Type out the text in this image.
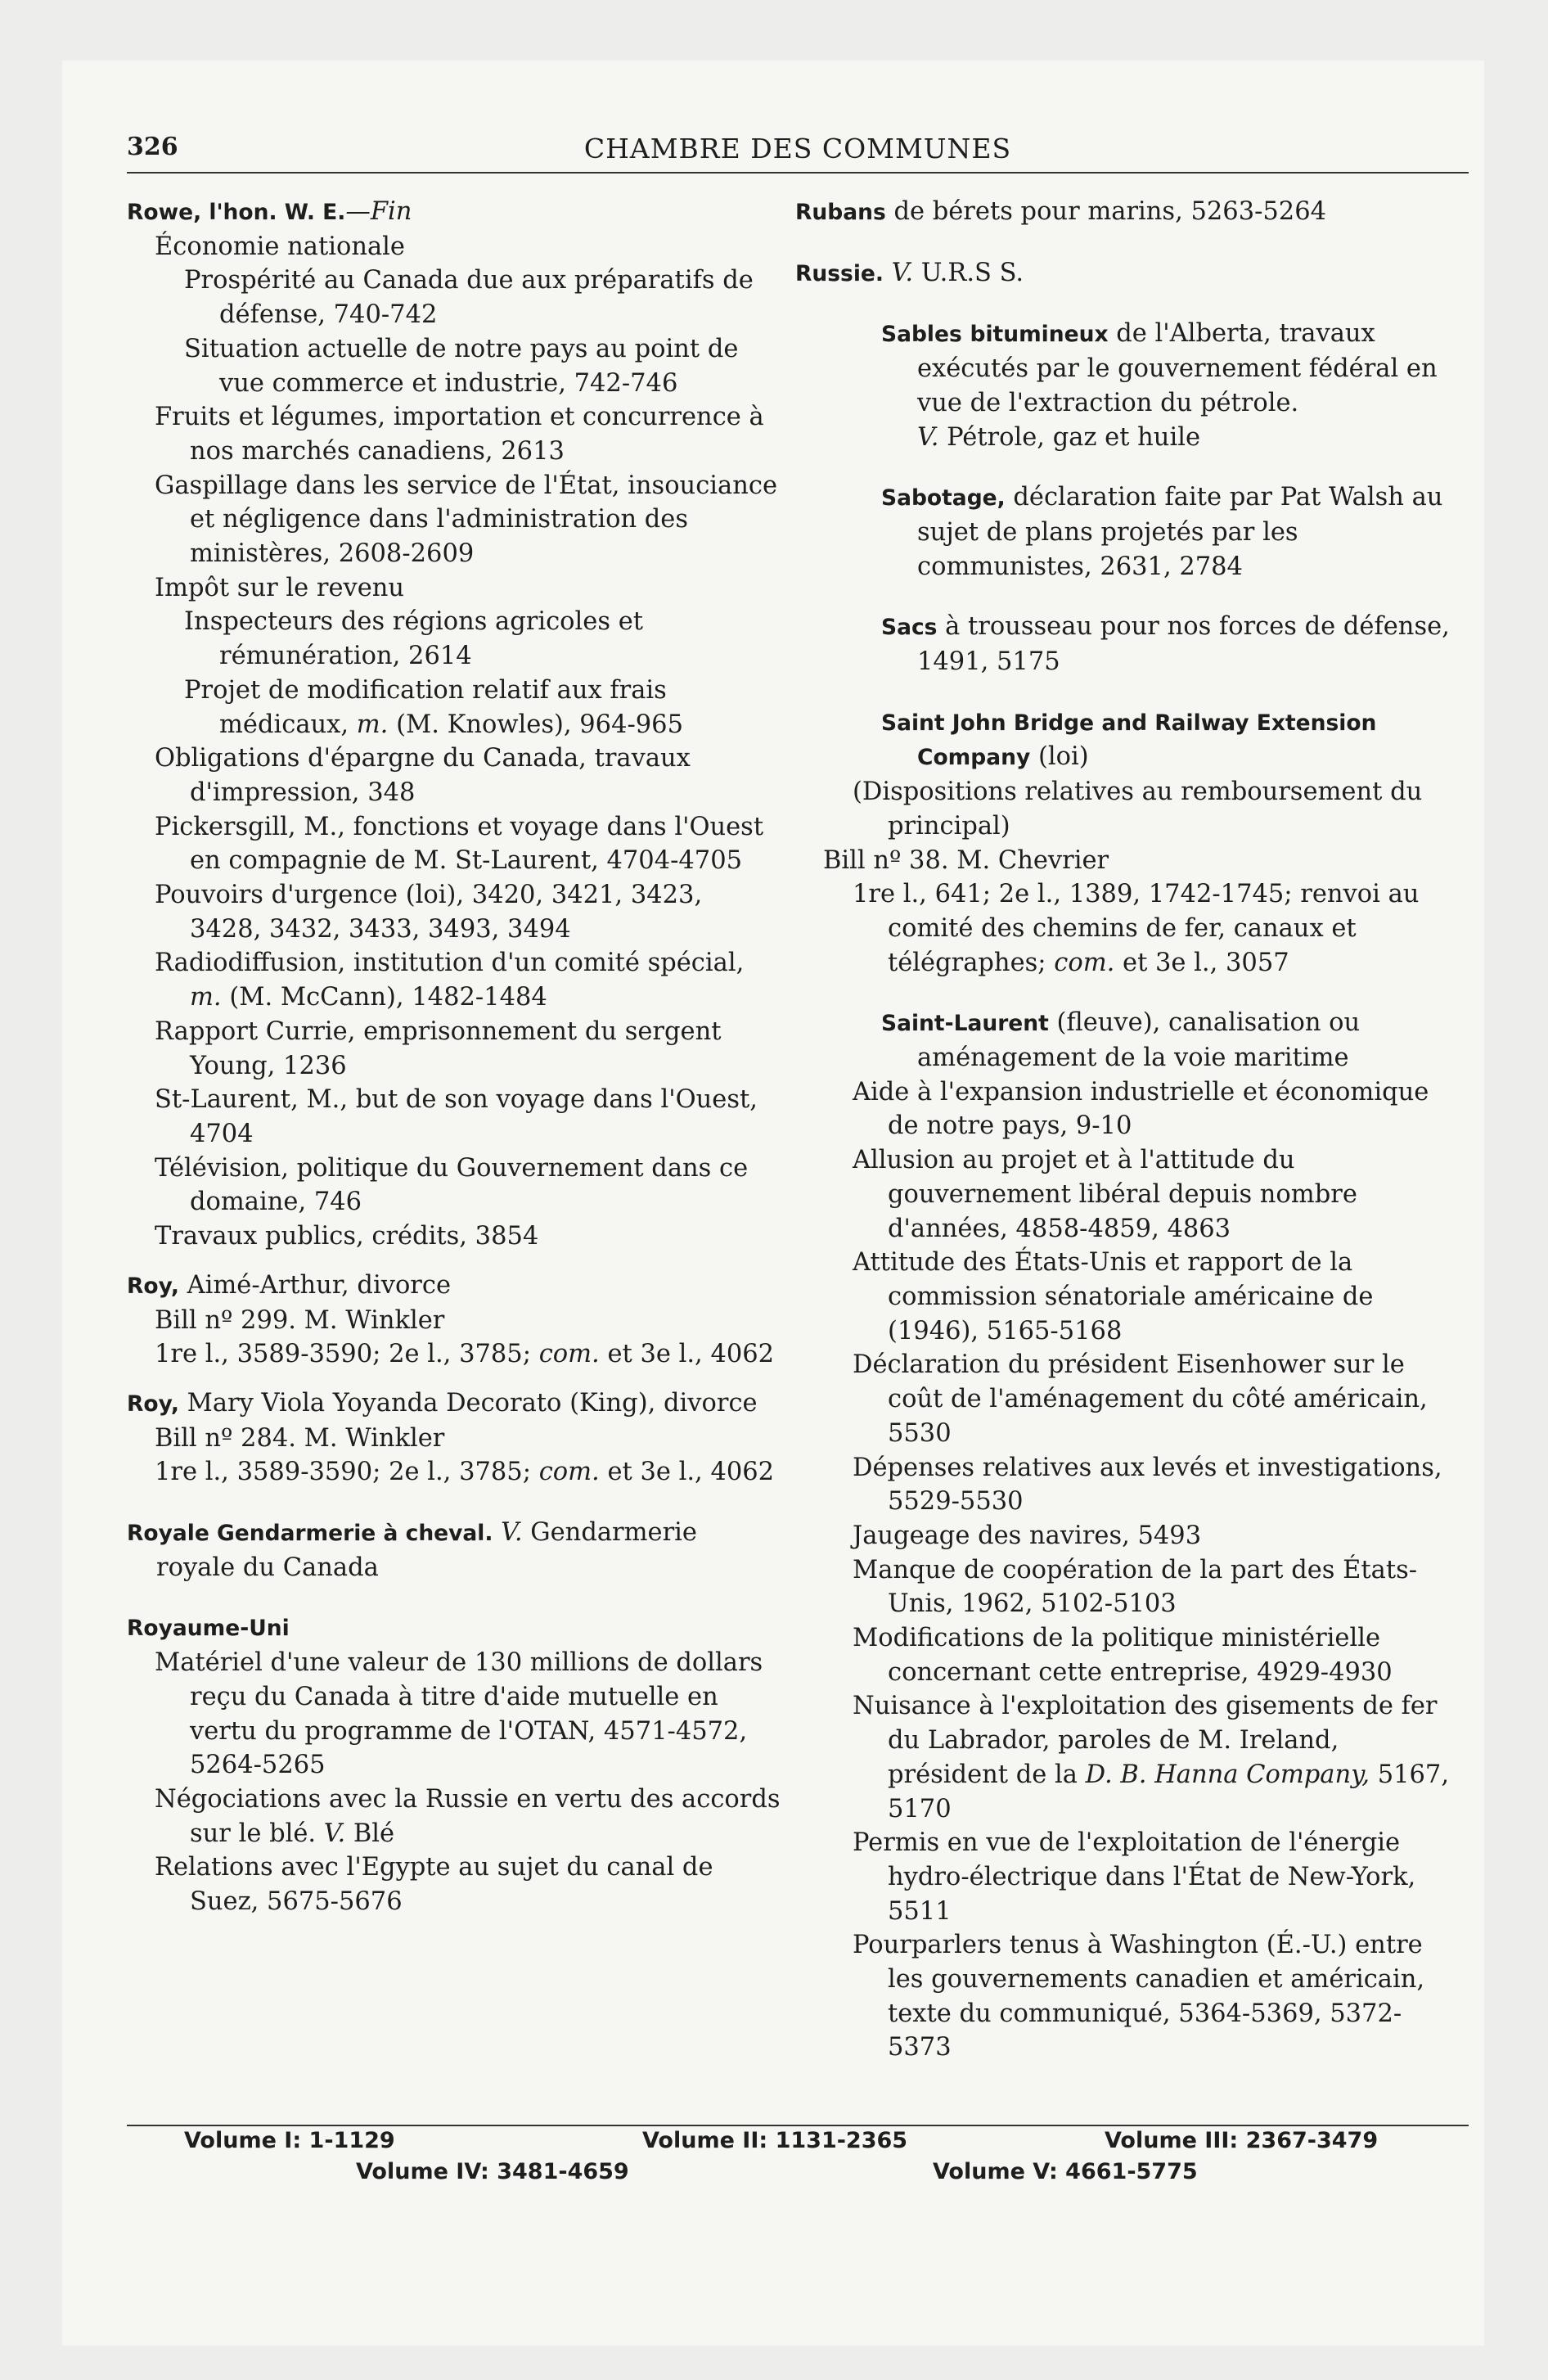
326	CHAMBRE DES COMMUNES
Rowe, l'hon. W. E.—Fin
Économie nationale
Prospérité au Canada due aux préparatifs de défense, 740-742
Situation actuelle de notre pays au point de vue commerce et industrie, 742-746
Fruits et légumes, importation et concurrence à nos marchés canadiens, 2613
Gaspillage dans les service de l'État, insouciance et négligence dans l'administration des ministères, 2608-2609
Impôt sur le revenu
Inspecteurs des régions agricoles et rémunération, 2614
Projet de modification relatif aux frais médicaux, m. (M. Knowles), 964-965
Obligations d'épargne du Canada, travaux d'impression, 348
Pickersgill, M., fonctions et voyage dans l'Ouest en compagnie de M. St-Laurent, 4704-4705
Pouvoirs d'urgence (loi), 3420, 3421, 3423, 3428, 3432, 3433, 3493, 3494
Radiodiffusion, institution d'un comité spécial, m. (M. McCann), 1482-1484
Rapport Currie, emprisonnement du sergent Young, 1236
St-Laurent, M., but de son voyage dans l'Ouest, 4704
Télévision, politique du Gouvernement dans ce domaine, 746
Travaux publics, crédits, 3854
Roy, Aimé-Arthur, divorce
Bill nº 299. M. Winkler
1re l., 3589-3590; 2e l., 3785; com. et 3e l., 4062
Roy, Mary Viola Yoyanda Decorato (King), divorce
Bill nº 284. M. Winkler
1re l., 3589-3590; 2e l., 3785; com. et 3e l., 4062
Royale Gendarmerie à cheval. V. Gendarmerie royale du Canada
Royaume-Uni
Matériel d'une valeur de 130 millions de dollars reçu du Canada à titre d'aide mutuelle en vertu du programme de l'OTAN, 4571-4572, 5264-5265
Négociations avec la Russie en vertu des accords sur le blé. V. Blé
Relations avec l'Egypte au sujet du canal de Suez, 5675-5676
Rubans de bérets pour marins, 5263-5264
Russie. V. U.R.S S.
Sables bitumineux de l'Alberta, travaux exécutés par le gouvernement fédéral en vue de l'extraction du pétrole.
V. Pétrole, gaz et huile
Sabotage, déclaration faite par Pat Walsh au sujet de plans projetés par les communistes, 2631, 2784
Sacs à trousseau pour nos forces de défense, 1491, 5175
Saint John Bridge and Railway Extension Company (loi)
(Dispositions relatives au remboursement du principal)
Bill nº 38. M. Chevrier
1re l., 641; 2e l., 1389, 1742-1745; renvoi au comité des chemins de fer, canaux et télégraphes; com. et 3e l., 3057
Saint-Laurent (fleuve), canalisation ou aménagement de la voie maritime
Aide à l'expansion industrielle et économique de notre pays, 9-10
Allusion au projet et à l'attitude du gouvernement libéral depuis nombre d'années, 4858-4859, 4863
Attitude des États-Unis et rapport de la commission sénatoriale américaine de (1946), 5165-5168
Déclaration du président Eisenhower sur le coût de l'aménagement du côté américain, 5530
Dépenses relatives aux levés et investigations, 5529-5530
Jaugeage des navires, 5493
Manque de coopération de la part des États-Unis, 1962, 5102-5103
Modifications de la politique ministérielle concernant cette entreprise, 4929-4930
Nuisance à l'exploitation des gisements de fer du Labrador, paroles de M. Ireland, président de la D. B. Hanna Company, 5167, 5170
Permis en vue de l'exploitation de l'énergie hydro-électrique dans l'État de New-York, 5511
Pourparlers tenus à Washington (É.-U.) entre les gouvernements canadien et américain, texte du communiqué, 5364-5369, 5372-5373
Volume I: 1-1129	Volume II: 1131-2365	Volume III: 2367-3479
Volume IV: 3481-4659	Volume V: 4661-5775
